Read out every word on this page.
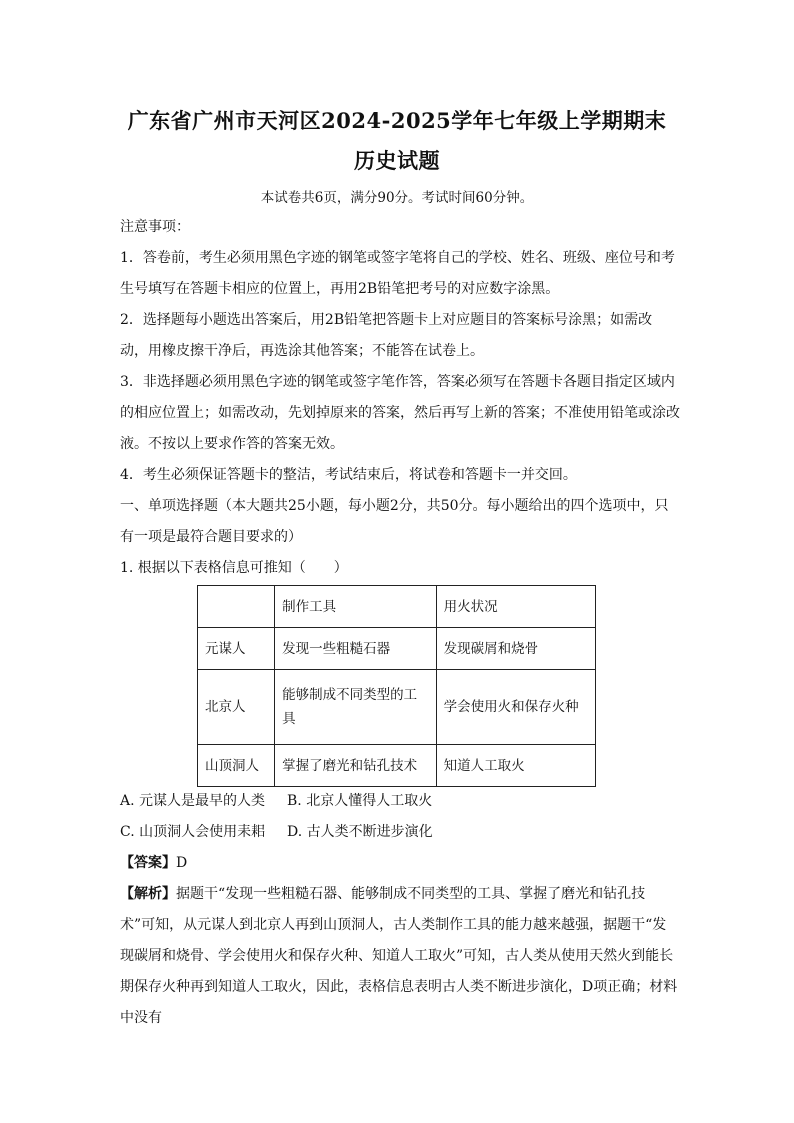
广东省广州市天河区2024-2025学年七年级上学期期末
历史试题
本试卷共6页，满分90分。考试时间60分钟。

注意事项：

1．答卷前，考生必须用黑色字迹的钢笔或签字笔将自己的学校、姓名、班级、座位号和考生号填写在答题卡相应的位置上，再用2B铅笔把考号的对应数字涂黑。

2．选择题每小题选出答案后，用2B铅笔把答题卡上对应题目的答案标号涂黑；如需改动，用橡皮擦干净后，再选涂其他答案；不能答在试卷上。

3．非选择题必须用黑色字迹的钢笔或签字笔作答，答案必须写在答题卡各题目指定区域内的相应位置上；如需改动，先划掉原来的答案，然后再写上新的答案；不准使用铅笔或涂改液。不按以上要求作答的答案无效。

4．考生必须保证答题卡的整洁，考试结束后，将试卷和答题卡一并交回。

一、单项选择题（本大题共25小题，每小题2分，共50分。每小题给出的四个选项中，只有一项是最符合题目要求的）

1. 根据以下表格信息可推知（　　）

	制作工具	用火状况
元谋人	发现一些粗糙石器	发现碳屑和烧骨
北京人	能够制成不同类型的工具	学会使用火和保存火种
山顶洞人	掌握了磨光和钻孔技术	知道人工取火
A. 元谋人是最早的人类 B. 北京人懂得人工取火
C. 山顶洞人会使用耒耜 D. 古人类不断进步演化

【答案】D

【解析】据题干“发现一些粗糙石器、能够制成不同类型的工具、掌握了磨光和钻孔技术”可知，从元谋人到北京人再到山顶洞人，古人类制作工具的能力越来越强，据题干“发现碳屑和烧骨、学会使用火和保存火种、知道人工取火”可知，古人类从使用天然火到能长期保存火种再到知道人工取火，因此，表格信息表明古人类不断进步演化，D项正确；材料中没有
